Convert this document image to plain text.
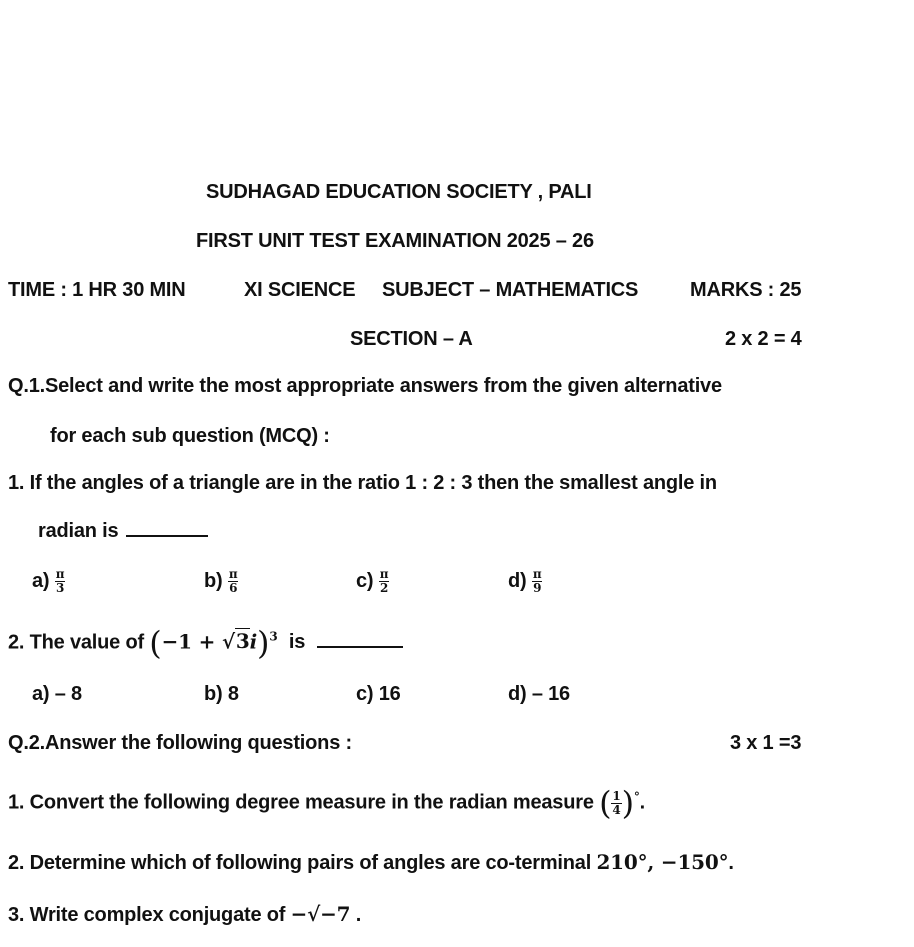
SUDHAGAD EDUCATION SOCIETY , PALI
FIRST UNIT TEST EXAMINATION 2025 – 26
TIME : 1 HR 30 MIN	XI SCIENCE SUBJECT – MATHEMATICS	MARKS : 25
SECTION – A	2 x 2 = 4
Q.1.Select and write the most appropriate answers from the given alternative
for each sub question (MCQ) :
1. If the angles of a triangle are in the ratio 1 : 2 : 3 then the smallest angle in
radian is
$a) \frac{\pi}{3}$	$b) \frac{\pi}{6}$	$c) \frac{\pi}{2}$	$d) \frac{\pi}{9}$
2. The value of $(-1 + √3i)^3$ is
a) – 8	b) 8	c) 16	d) – 16
Q.2.Answer the following questions :	3 x 1 =3
1. Convert the following degree measure in the radian measure ( $\frac{1}{4} )^\circ$.
2. Determine which of following pairs of angles are co-terminal 210°, −150°.
3. Write complex conjugate of −√−7 .
